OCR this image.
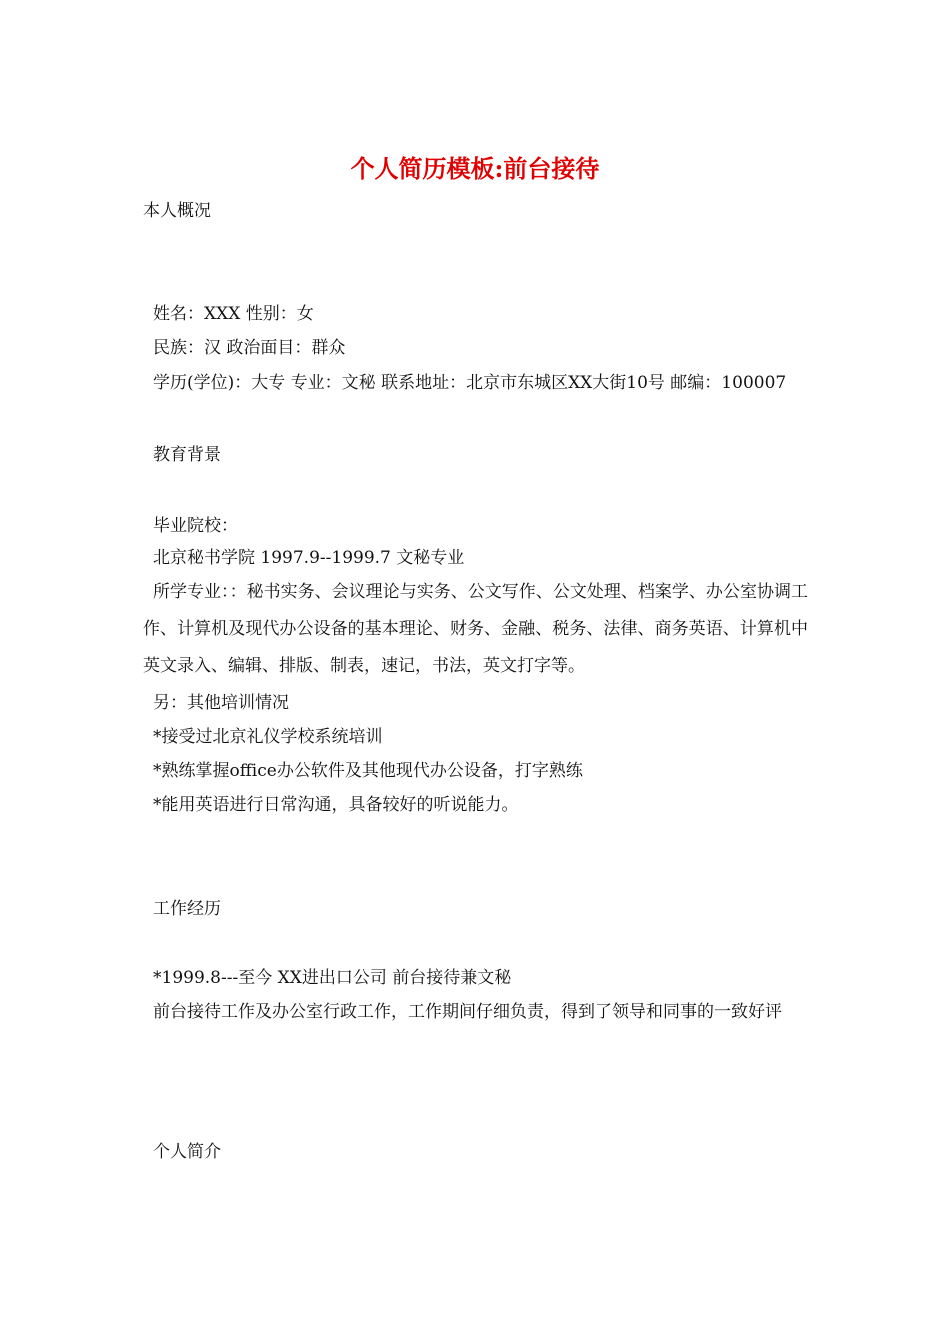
个人简历模板:前台接待
本人概况
姓名：XXX 性别：女
民族：汉 政治面目：群众
学历(学位)：大专 专业：文秘 联系地址：北京市东城区XX大街10号 邮编：100007
教育背景
毕业院校：
北京秘书学院 1997.9--1999.7 文秘专业
所学专业：：秘书实务、会议理论与实务、公文写作、公文处理、档案学、办公室协调工作、计算机及现代办公设备的基本理论、财务、金融、税务、法律、商务英语、计算机中英文录入、编辑、排版、制表，速记，书法，英文打字等。
另：其他培训情况
*接受过北京礼仪学校系统培训
*熟练掌握office办公软件及其他现代办公设备，打字熟练
*能用英语进行日常沟通，具备较好的听说能力。
工作经历
*1999.8---至今 XX进出口公司 前台接待兼文秘
前台接待工作及办公室行政工作，工作期间仔细负责，得到了领导和同事的一致好评
个人简介
